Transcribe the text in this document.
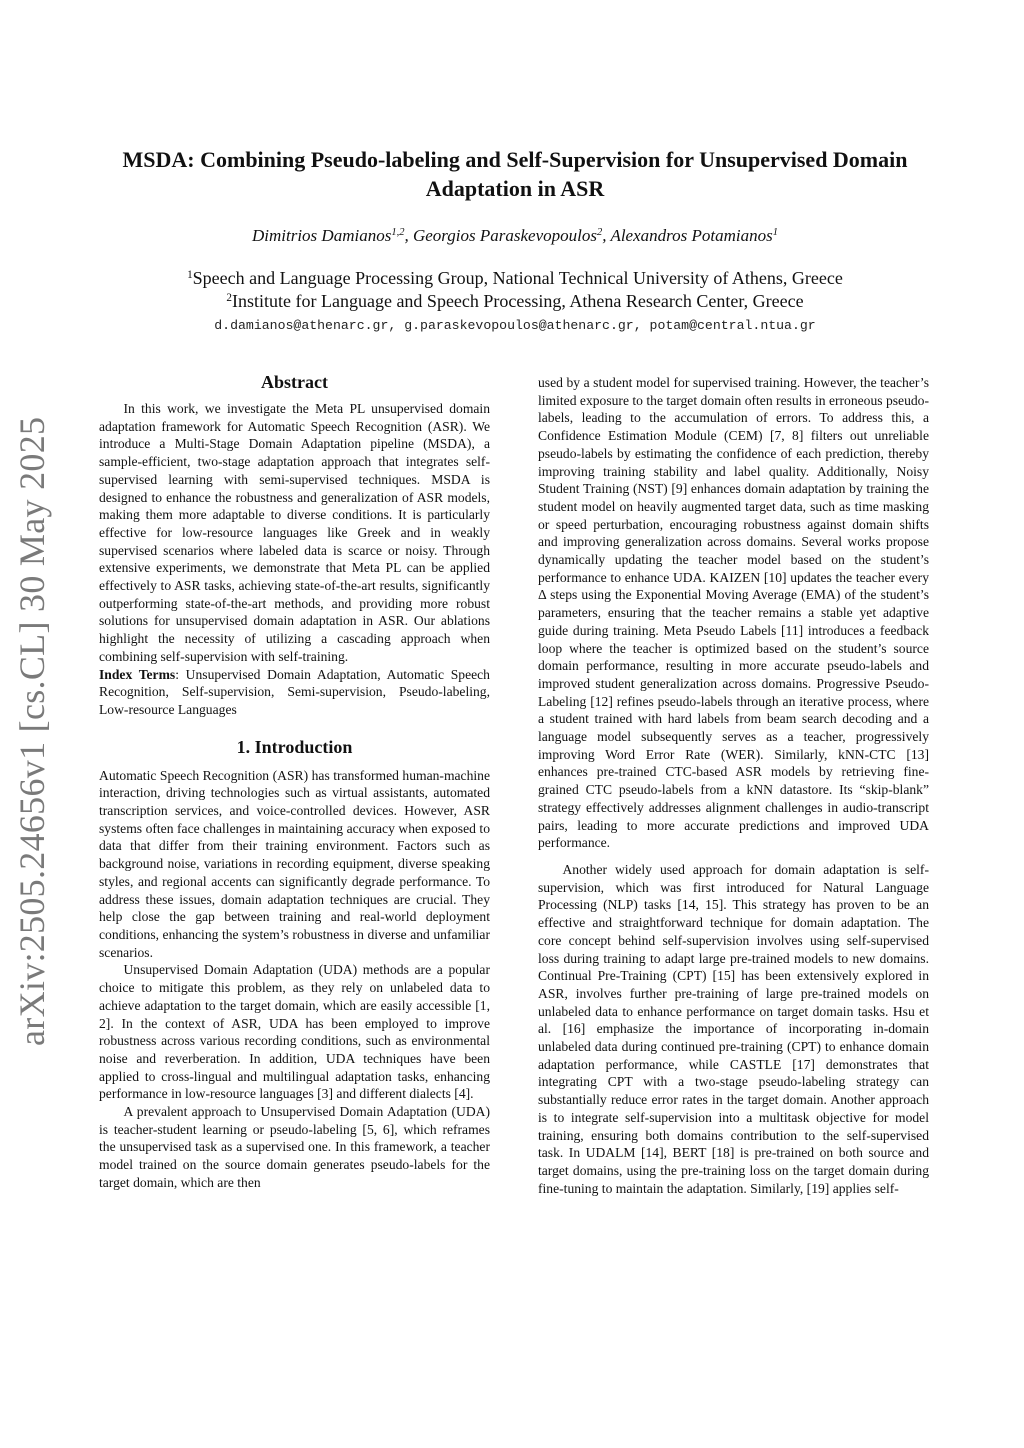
arXiv:2505.24656v1 [cs.CL] 30 May 2025
MSDA: Combining Pseudo-labeling and Self-Supervision for Unsupervised Domain Adaptation in ASR
Dimitrios Damianos$^{1,2}$, Georgios Paraskevopoulos$^2$, Alexandros Potamianos$^1$
$^1$Speech and Language Processing Group, National Technical University of Athens, Greece
$^2$Institute for Language and Speech Processing, Athena Research Center, Greece
d.damianos@athenarc.gr, g.paraskevopoulos@athenarc.gr, potam@central.ntua.gr
Abstract

In this work, we investigate the Meta PL unsupervised domain adaptation framework for Automatic Speech Recognition (ASR). We introduce a Multi-Stage Domain Adaptation pipeline (MSDA), a sample-efficient, two-stage adaptation approach that integrates self-supervised learning with semi-supervised techniques. MSDA is designed to enhance the robustness and generalization of ASR models, making them more adaptable to diverse conditions. It is particularly effective for low-resource languages like Greek and in weakly supervised scenarios where labeled data is scarce or noisy. Through extensive experiments, we demonstrate that Meta PL can be applied effectively to ASR tasks, achieving state-of-the-art results, significantly outperforming state-of-the-art methods, and providing more robust solutions for unsupervised domain adaptation in ASR. Our ablations highlight the necessity of utilizing a cascading approach when combining self-supervision with self-training.

Index Terms: Unsupervised Domain Adaptation, Automatic Speech Recognition, Self-supervision, Semi-supervision, Pseudo-labeling, Low-resource Languages

1. Introduction

Automatic Speech Recognition (ASR) has transformed human-machine interaction, driving technologies such as virtual assistants, automated transcription services, and voice-controlled devices. However, ASR systems often face challenges in maintaining accuracy when exposed to data that differ from their training environment. Factors such as background noise, variations in recording equipment, diverse speaking styles, and regional accents can significantly degrade performance. To address these issues, domain adaptation techniques are crucial. They help close the gap between training and real-world deployment conditions, enhancing the system’s robustness in diverse and unfamiliar scenarios.

Unsupervised Domain Adaptation (UDA) methods are a popular choice to mitigate this problem, as they rely on unlabeled data to achieve adaptation to the target domain, which are easily accessible [1, 2]. In the context of ASR, UDA has been employed to improve robustness across various recording conditions, such as environmental noise and reverberation. In addition, UDA techniques have been applied to cross-lingual and multilingual adaptation tasks, enhancing performance in low-resource languages [3] and different dialects [4].

A prevalent approach to Unsupervised Domain Adaptation (UDA) is teacher-student learning or pseudo-labeling [5, 6], which reframes the unsupervised task as a supervised one. In this framework, a teacher model trained on the source domain generates pseudo-labels for the target domain, which are then

used by a student model for supervised training. However, the teacher’s limited exposure to the target domain often results in erroneous pseudo-labels, leading to the accumulation of errors. To address this, a Confidence Estimation Module (CEM) [7, 8] filters out unreliable pseudo-labels by estimating the confidence of each prediction, thereby improving training stability and label quality. Additionally, Noisy Student Training (NST) [9] enhances domain adaptation by training the student model on heavily augmented target data, such as time masking or speed perturbation, encouraging robustness against domain shifts and improving generalization across domains. Several works propose dynamically updating the teacher model based on the student’s performance to enhance UDA. KAIZEN [10] updates the teacher every Δ steps using the Exponential Moving Average (EMA) of the student’s parameters, ensuring that the teacher remains a stable yet adaptive guide during training. Meta Pseudo Labels [11] introduces a feedback loop where the teacher is optimized based on the student’s source domain performance, resulting in more accurate pseudo-labels and improved student generalization across domains. Progressive Pseudo-Labeling [12] refines pseudo-labels through an iterative process, where a student trained with hard labels from beam search decoding and a language model subsequently serves as a teacher, progressively improving Word Error Rate (WER). Similarly, kNN-CTC [13] enhances pre-trained CTC-based ASR models by retrieving fine-grained CTC pseudo-labels from a kNN datastore. Its “skip-blank” strategy effectively addresses alignment challenges in audio-transcript pairs, leading to more accurate predictions and improved UDA performance.

Another widely used approach for domain adaptation is self-supervision, which was first introduced for Natural Language Processing (NLP) tasks [14, 15]. This strategy has proven to be an effective and straightforward technique for domain adaptation. The core concept behind self-supervision involves using self-supervised loss during training to adapt large pre-trained models to new domains. Continual Pre-Training (CPT) [15] has been extensively explored in ASR, involves further pre-training of large pre-trained models on unlabeled data to enhance performance on target domain tasks. Hsu et al. [16] emphasize the importance of incorporating in-domain unlabeled data during continued pre-training (CPT) to enhance domain adaptation performance, while CASTLE [17] demonstrates that integrating CPT with a two-stage pseudo-labeling strategy can substantially reduce error rates in the target domain. Another approach is to integrate self-supervision into a multitask objective for model training, ensuring both domains contribution to the self-supervised task. In UDALM [14], BERT [18] is pre-trained on both source and target domains, using the pre-training loss on the target domain during fine-tuning to maintain the adaptation. Similarly, [19] applies self-
